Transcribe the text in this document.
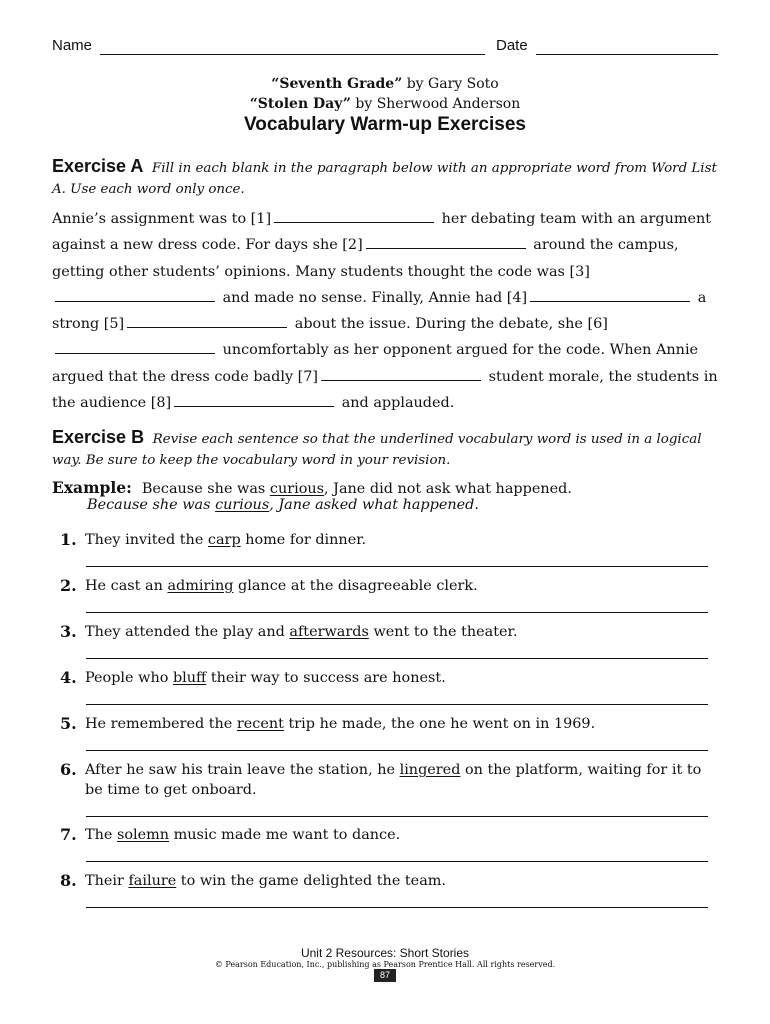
Name	Date
“Seventh Grade” by Gary Soto
“Stolen Day” by Sherwood Anderson
Vocabulary Warm-up Exercises
Exercise A Fill in each blank in the paragraph below with an appropriate word from Word List A. Use each word only once.
Annie’s assignment was to [1]	her debating team with an argument against a new dress code. For days she [2]	around the campus, getting other students’ opinions. Many students thought the code was [3] and made no sense. Finally, Annie had [4]	a strong [5]	about the issue. During the debate, she [6] uncomfortably as her opponent argued for the code. When Annie argued that the dress code badly [7]	student morale, the students in the audience [8]	and applauded.
Exercise B Revise each sentence so that the underlined vocabulary word is used in a logical way. Be sure to keep the vocabulary word in your revision.
Example: Because she was curious, Jane did not ask what happened.
Because she was curious, Jane asked what happened.
1. They invited the carp home for dinner.
2. He cast an admiring glance at the disagreeable clerk.
3. They attended the play and afterwards went to the theater.
4. People who bluff their way to success are honest.
5. He remembered the recent trip he made, the one he went on in 1969.
6. After he saw his train leave the station, he lingered on the platform, waiting for it to be time to get onboard.
7. The solemn music made me want to dance.
8. Their failure to win the game delighted the team.
Unit 2 Resources: Short Stories
© Pearson Education, Inc., publishing as Pearson Prentice Hall. All rights reserved.
87
